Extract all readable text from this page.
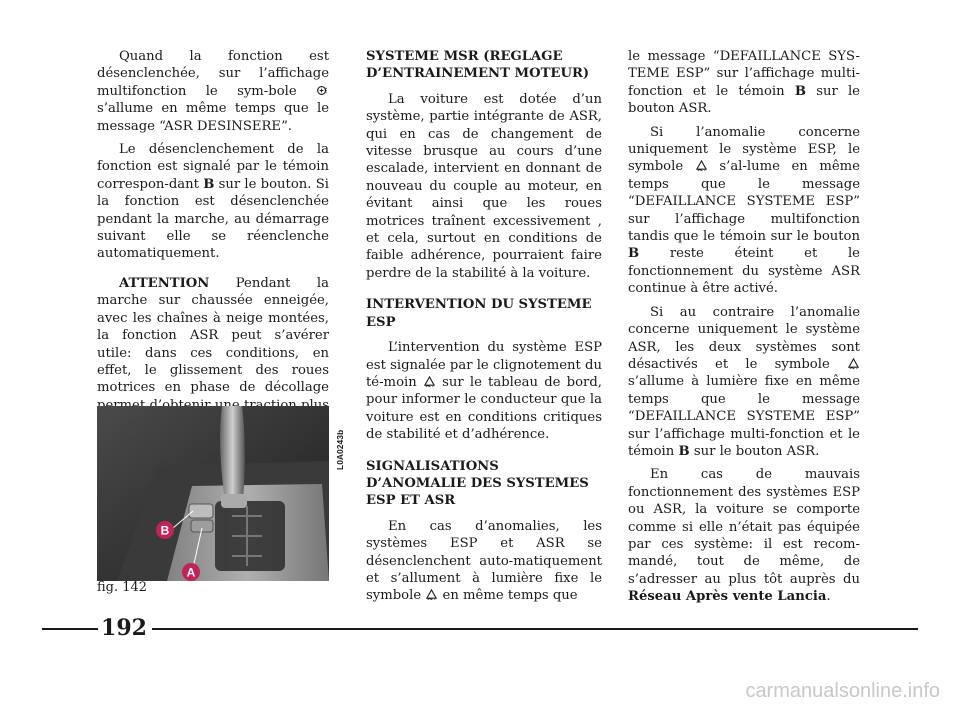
Quand la fonction est désenclenchée, sur l’affichage multifonction le sym-bole  s’allume en même temps que le message “ASR DESINSERE”.

Le désenclenchement de la fonction est signalé par le témoin correspon-dant B sur le bouton. Si la fonction est désenclenchée pendant la marche, au démarrage suivant elle se réenclenche automatiquement.

ATTENTION Pendant la marche sur chaussée enneigée, avec les chaînes à neige montées, la fonction ASR peut s’avérer utile: dans ces conditions, en effet, le glissement des roues motrices en phase de décollage

B
A
L0A0243b
fig. 142
SYSTEME MSR (REGLAGE D’ENTRAINEMENT MOTEUR)

La voiture est dotée d’un système, partie intégrante de ASR, qui en cas de changement de vitesse brusque au cours d’une escalade, intervient en donnant de nouveau du couple au moteur, en évitant ainsi que les roues motrices traînent excessivement , et cela, surtout en conditions de faible adhérence, pourraient faire perdre de la stabilité à la voiture.

INTERVENTION DU SYSTEME ESP

L’intervention du système ESP est signalée par le clignotement du té-moin sur le tableau de bord, pour informer le conducteur que la voiture est en conditions critiques de stabilité et d’adhérence.

SIGNALISATIONS D’ANOMALIE DES SYSTEMES ESP ET ASR

En cas d’anomalies, les systèmes ESP et ASR se désenclenchent auto-matiquement et s’allument à lumière fixe le symbole en même temps que

le message “DEFAILLANCE SYS-TEME ESP” sur l’affichage multi-fonction et le témoin B sur le bouton ASR.

Si l’anomalie concerne uniquement le système ESP, le symbole	s’al-lume en même temps que le message “DEFAILLANCE SYSTEME ESP” sur l’affichage multifonction tandis que le témoin sur le bouton B reste éteint et le fonctionnement du système ASR continue à être activé.

Si au contraire l’anomalie concerne uniquement le système ASR, les deux systèmes sont désactivés et le symbole  s’allume à lumière fixe en même temps que le message “DEFAILLANCE SYSTEME ESP” sur l’affichage multi-fonction et le témoin B sur le bouton ASR.

En cas de mauvais fonctionnement des systèmes ESP ou ASR, la voiture se comporte comme si elle n’était pas équipée par ces système: il est recom-mandé, tout de même, de s’adresser au plus tôt auprès du Réseau Après vente Lancia.

192
carmanualsonline.info
